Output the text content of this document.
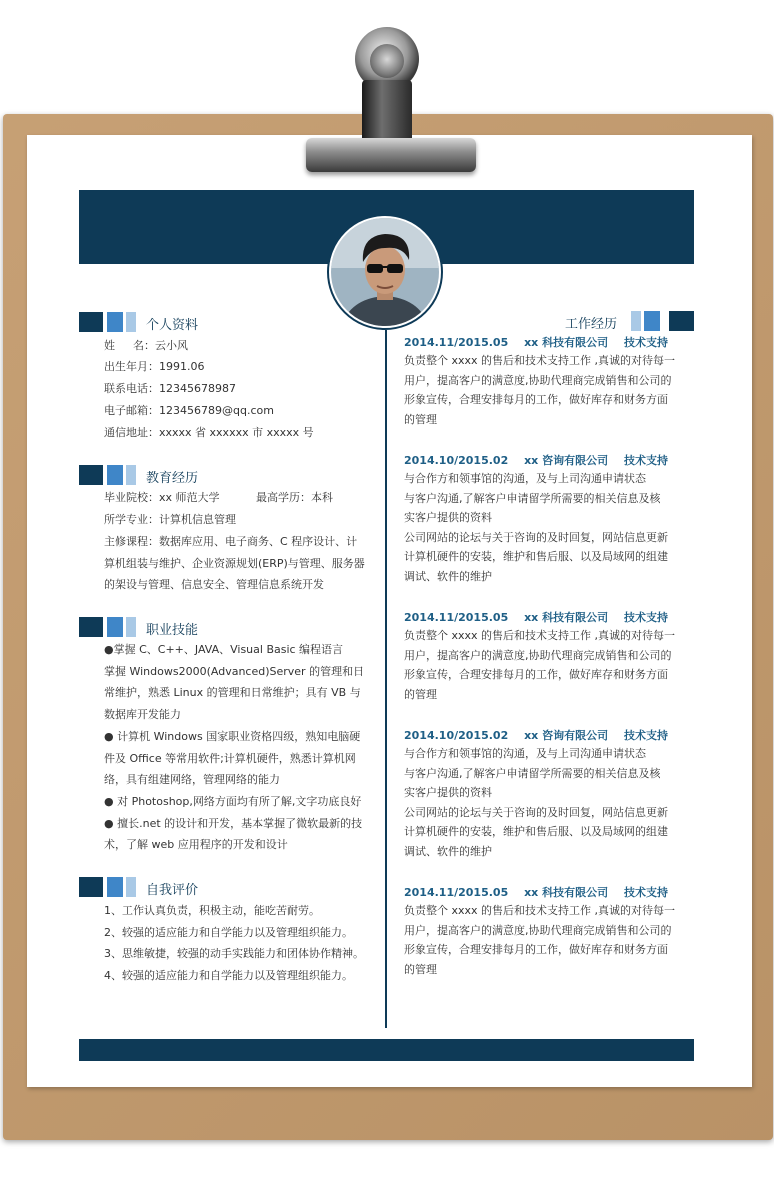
个人资料
姓 　 名：云小风
出生年月：1991.06
联系电话：12345678987
电子邮箱：123456789@qq.com
通信地址：xxxxx 省 xxxxxx 市 xxxxx 号
教育经历
毕业院校：xx 师范大学	最高学历：本科
所学专业：计算机信息管理
主修课程：数据库应用、电子商务、C 程序设计、计
算机组装与维护、企业资源规划(ERP)与管理、服务器
的架设与管理、信息安全、管理信息系统开发
职业技能
●掌握 C、C++、JAVA、Visual Basic 编程语言
掌握 Windows2000(Advanced)Server 的管理和日
常维护，熟悉 Linux 的管理和日常维护；具有 VB 与
数据库开发能力
● 计算机 Windows 国家职业资格四级，熟知电脑硬
件及 Office 等常用软件;计算机硬件，熟悉计算机网
络，具有组建网络，管理网络的能力
● 对 Photoshop,网络方面均有所了解,文字功底良好
● 擅长.net 的设计和开发，基本掌握了微软最新的技
术，了解 web 应用程序的开发和设计
自我评价
1、工作认真负责，积极主动，能吃苦耐劳。
2、较强的适应能力和自学能力以及管理组织能力。
3、思维敏捷，较强的动手实践能力和团体协作精神。
4、较强的适应能力和自学能力以及管理组织能力。
工作经历
2014.11/2015.05 xx 科技有限公司 技术支持
负责整个 xxxx 的售后和技术支持工作 ,真诚的对待每一
用户，提高客户的满意度,协助代理商完成销售和公司的
形象宣传，合理安排每月的工作，做好库存和财务方面
的管理
2014.10/2015.02 xx 咨询有限公司 技术支持
与合作方和领事馆的沟通，及与上司沟通申请状态
与客户沟通,了解客户申请留学所需要的相关信息及核
实客户提供的资料
公司网站的论坛与关于咨询的及时回复，网站信息更新
计算机硬件的安装，维护和售后服、以及局域网的组建
调试、软件的维护
2014.11/2015.05 xx 科技有限公司 技术支持
负责整个 xxxx 的售后和技术支持工作 ,真诚的对待每一
用户，提高客户的满意度,协助代理商完成销售和公司的
形象宣传，合理安排每月的工作，做好库存和财务方面
的管理
2014.10/2015.02 xx 咨询有限公司 技术支持
与合作方和领事馆的沟通，及与上司沟通申请状态
与客户沟通,了解客户申请留学所需要的相关信息及核
实客户提供的资料
公司网站的论坛与关于咨询的及时回复，网站信息更新
计算机硬件的安装，维护和售后服、以及局域网的组建
调试、软件的维护
2014.11/2015.05 xx 科技有限公司 技术支持
负责整个 xxxx 的售后和技术支持工作 ,真诚的对待每一
用户，提高客户的满意度,协助代理商完成销售和公司的
形象宣传，合理安排每月的工作，做好库存和财务方面
的管理
